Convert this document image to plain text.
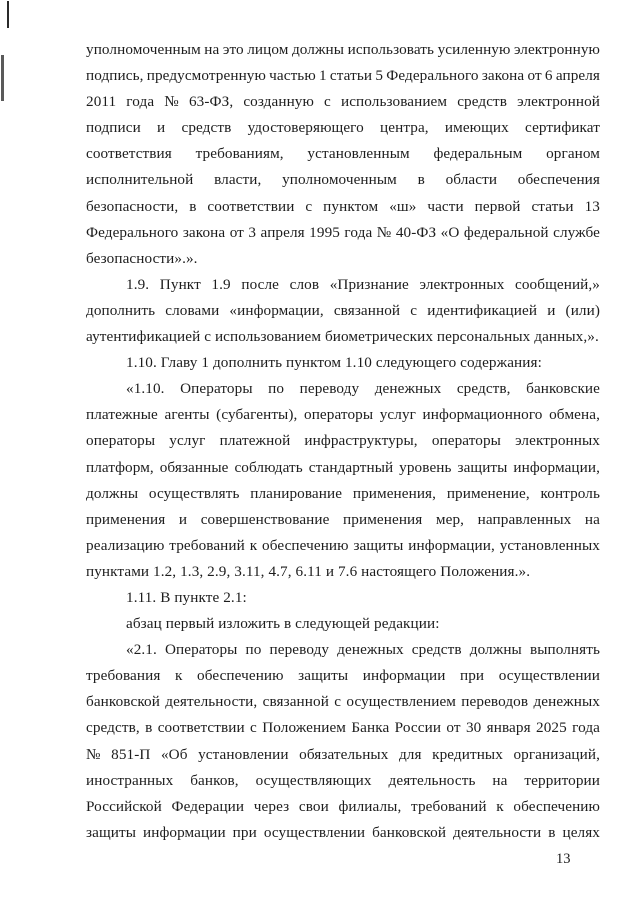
уполномоченным на это лицом должны использовать усиленную электронную
подпись, предусмотренную частью 1 статьи 5 Федерального закона от 6 апреля
2011 года № 63-ФЗ, созданную с использованием средств электронной
подписи и средств удостоверяющего центра, имеющих сертификат
соответствия требованиям, установленным федеральным органом
исполнительной власти, уполномоченным в области обеспечения
безопасности, в соответствии с пунктом «ш» части первой статьи 13
Федерального закона от 3 апреля 1995 года № 40-ФЗ «О федеральной службе
безопасности».».
1.9. Пункт 1.9 после слов «Признание электронных сообщений,»
дополнить словами «информации, связанной с идентификацией и (или)
аутентификацией с использованием биометрических персональных данных,».
1.10. Главу 1 дополнить пунктом 1.10 следующего содержания:
«1.10. Операторы по переводу денежных средств, банковские
платежные агенты (субагенты), операторы услуг информационного обмена,
операторы услуг платежной инфраструктуры, операторы электронных
платформ, обязанные соблюдать стандартный уровень защиты информации,
должны осуществлять планирование применения, применение, контроль
применения и совершенствование применения мер, направленных на
реализацию требований к обеспечению защиты информации, установленных
пунктами 1.2, 1.3, 2.9, 3.11, 4.7, 6.11 и 7.6 настоящего Положения.».
1.11. В пункте 2.1:
абзац первый изложить в следующей редакции:
«2.1. Операторы по переводу денежных средств должны выполнять
требования к обеспечению защиты информации при осуществлении
банковской деятельности, связанной с осуществлением переводов денежных
средств, в соответствии с Положением Банка России от 30 января 2025 года
№ 851-П «Об установлении обязательных для кредитных организаций,
иностранных банков, осуществляющих деятельность на территории
Российской Федерации через свои филиалы, требований к обеспечению
защиты информации при осуществлении банковской деятельности в целях
13
